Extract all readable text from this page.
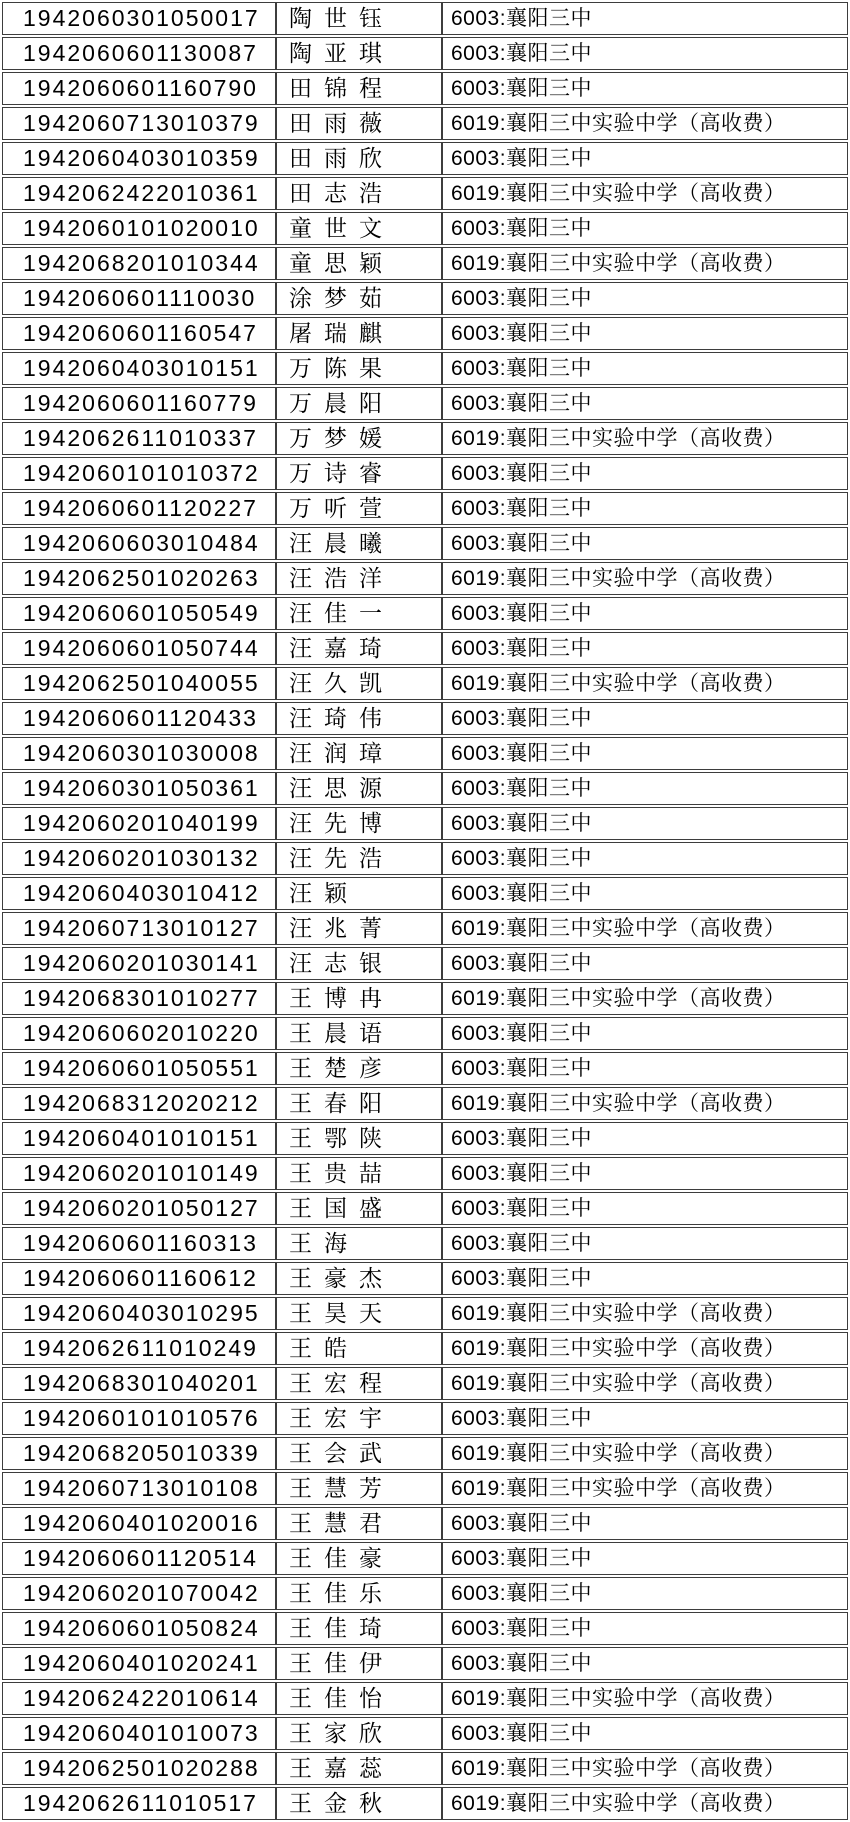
1942060301050017	陶世钰	6003:襄阳三中
1942060601130087	陶亚琪	6003:襄阳三中
1942060601160790	田锦程	6003:襄阳三中
1942060713010379	田雨薇	6019:襄阳三中实验中学（高收费）
1942060403010359	田雨欣	6003:襄阳三中
1942062422010361	田志浩	6019:襄阳三中实验中学（高收费）
1942060101020010	童世文	6003:襄阳三中
1942068201010344	童思颖	6019:襄阳三中实验中学（高收费）
1942060601110030	涂梦茹	6003:襄阳三中
1942060601160547	屠瑞麒	6003:襄阳三中
1942060403010151	万陈果	6003:襄阳三中
1942060601160779	万晨阳	6003:襄阳三中
1942062611010337	万梦媛	6019:襄阳三中实验中学（高收费）
1942060101010372	万诗睿	6003:襄阳三中
1942060601120227	万听萱	6003:襄阳三中
1942060603010484	汪晨曦	6003:襄阳三中
1942062501020263	汪浩洋	6019:襄阳三中实验中学（高收费）
1942060601050549	汪佳一	6003:襄阳三中
1942060601050744	汪嘉琦	6003:襄阳三中
1942062501040055	汪久凯	6019:襄阳三中实验中学（高收费）
1942060601120433	汪琦伟	6003:襄阳三中
1942060301030008	汪润璋	6003:襄阳三中
1942060301050361	汪思源	6003:襄阳三中
1942060201040199	汪先博	6003:襄阳三中
1942060201030132	汪先浩	6003:襄阳三中
1942060403010412	汪颖	6003:襄阳三中
1942060713010127	汪兆菁	6019:襄阳三中实验中学（高收费）
1942060201030141	汪志银	6003:襄阳三中
1942068301010277	王博冉	6019:襄阳三中实验中学（高收费）
1942060602010220	王晨语	6003:襄阳三中
1942060601050551	王楚彦	6003:襄阳三中
1942068312020212	王春阳	6019:襄阳三中实验中学（高收费）
1942060401010151	王鄂陕	6003:襄阳三中
1942060201010149	王贵喆	6003:襄阳三中
1942060201050127	王国盛	6003:襄阳三中
1942060601160313	王海	6003:襄阳三中
1942060601160612	王豪杰	6003:襄阳三中
1942060403010295	王昊天	6019:襄阳三中实验中学（高收费）
1942062611010249	王皓	6019:襄阳三中实验中学（高收费）
1942068301040201	王宏程	6019:襄阳三中实验中学（高收费）
1942060101010576	王宏宇	6003:襄阳三中
1942068205010339	王会武	6019:襄阳三中实验中学（高收费）
1942060713010108	王慧芳	6019:襄阳三中实验中学（高收费）
1942060401020016	王慧君	6003:襄阳三中
1942060601120514	王佳豪	6003:襄阳三中
1942060201070042	王佳乐	6003:襄阳三中
1942060601050824	王佳琦	6003:襄阳三中
1942060401020241	王佳伊	6003:襄阳三中
1942062422010614	王佳怡	6019:襄阳三中实验中学（高收费）
1942060401010073	王家欣	6003:襄阳三中
1942062501020288	王嘉蕊	6019:襄阳三中实验中学（高收费）
1942062611010517	王金秋	6019:襄阳三中实验中学（高收费）
